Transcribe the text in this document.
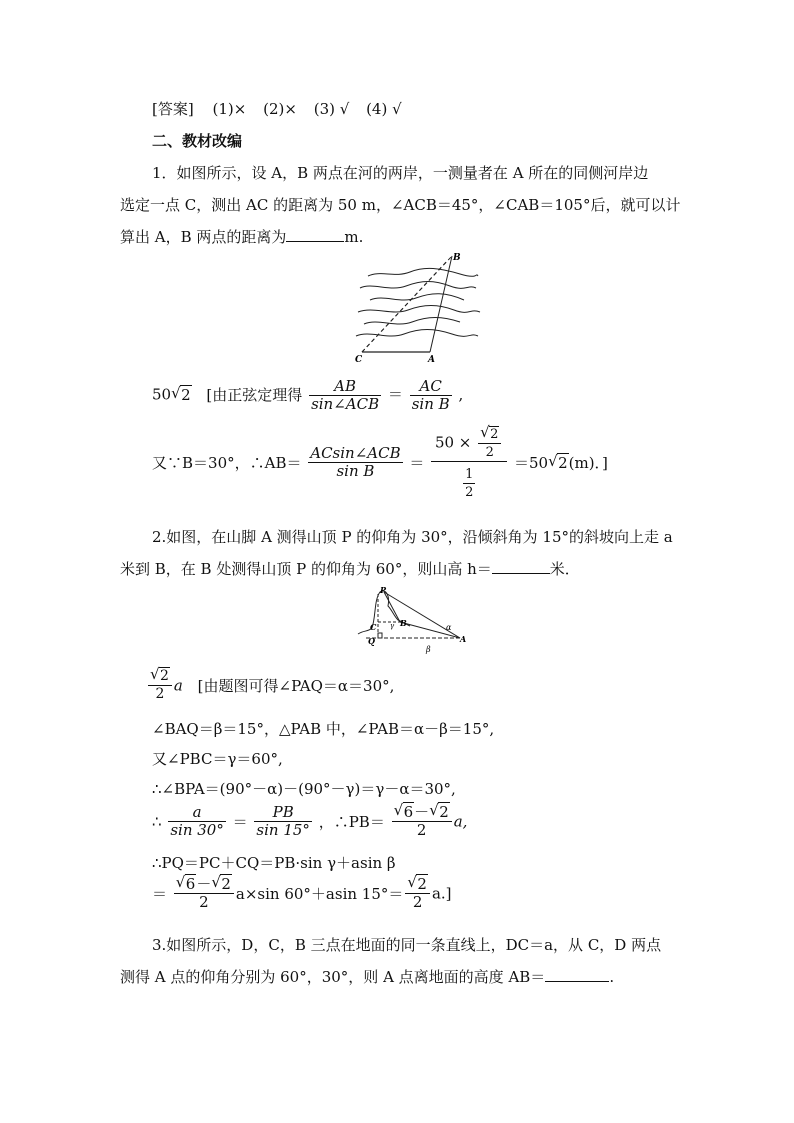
[答案] (1)× (2)× (3) √ (4) √
二、教材改编
1．如图所示，设 A，B 两点在河的两岸，一测量者在 A 所在的同侧河岸边
选定一点 C，测出 AC 的距离为 50 m，∠ACB＝45°，∠CAB＝105°后，就可以计
算出 A，B 两点的距离为	m.
B
C	A
50√ 2 [由正弦定理得 $\frac{AB}{\text{sin∠ACB}} = \frac{AC}{\text{sin B}}$ ,
又∵B＝30°，∴AB＝ $\frac{\text{ACsin∠ACB}}{\text{sin B}} = 50$ ×
√ $\frac{2}{2}$
$\frac{1}{2} =50√$ 2(m)．]
2.如图，在山脚 A 测得山顶 P 的仰角为 30°，沿倾斜角为 15°的斜坡向上走 a
米到 B，在 B 处测得山顶 P 的仰角为 60°，则山高 h＝	米．
P
B
γ
C
Q
α
A
β
√ $\frac{2}{2}$ a [由题图可得∠PAQ＝α＝30°,
∠BAQ＝β＝15°，△PAB 中，∠PAB＝α－β＝15°,
又∠PBC＝γ＝60°,
∴∠BPA＝(90°－α)－(90°－γ)＝γ－α＝30°,
∴ $\frac{a}{\sin 30^\circ} = \frac{PB}{\sin 15^\circ}$ ，∴PB＝
√ $\frac{6-√ 2}{2} a$,
∴PQ＝PC＋CQ＝PB·sin γ＋asin β
＝
√ $\frac{6-√ 2}{2} a\times\sin$ 60°＋asin 15°＝
√ $\frac{2}{2} a$.]
3.如图所示，D，C，B 三点在地面的同一条直线上，DC＝a，从 C，D 两点
测得 A 点的仰角分别为 60°，30°，则 A 点离地面的高度 AB＝	.
